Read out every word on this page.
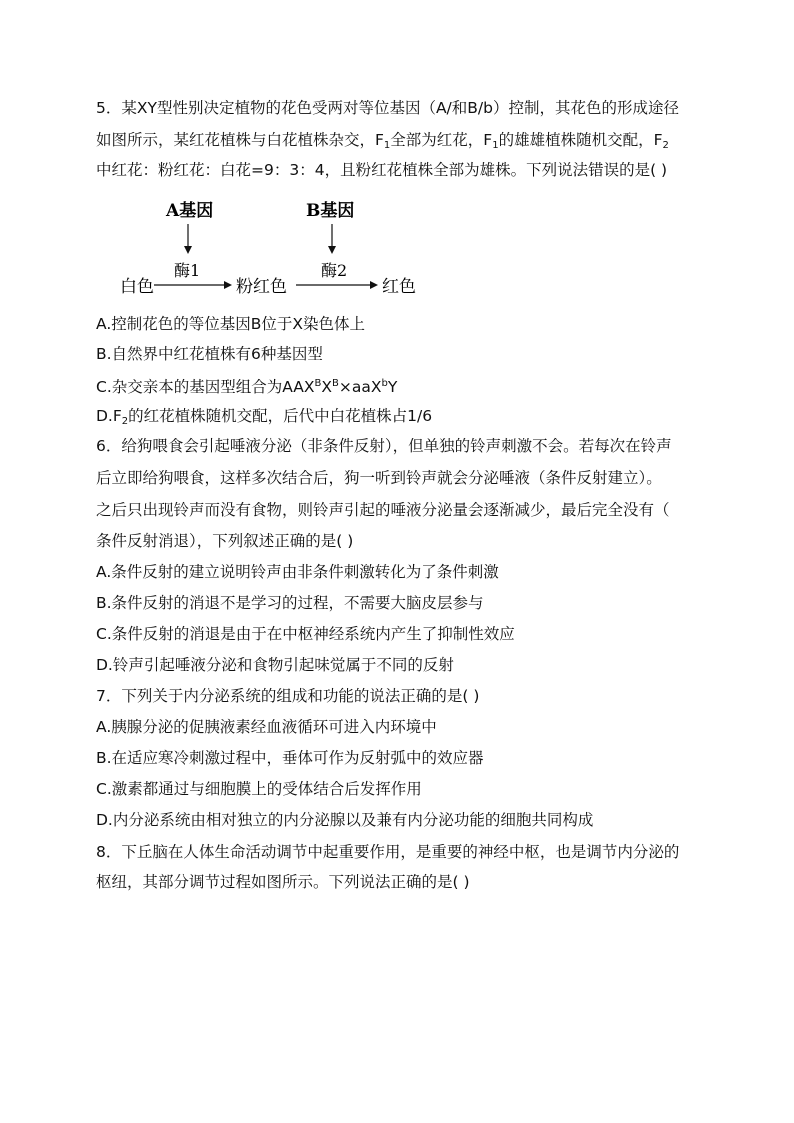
5．某XY型性别决定植物的花色受两对等位基因（A/和B/b）控制，其花色的形成途径
如图所示，某红花植株与白花植株杂交，$F_1$全部为红花，$F_1$的雄雄植株随机交配，$F_2$
中红花：粉红花：白花=9：3：4，且粉红花植株全部为雄株。下列说法错误的是( )
A基因	B基因
酶1	酶2
白色	粉红色	红色
A.控制花色的等位基因B位于X染色体上
B.自然界中红花植株有6种基因型
C.杂交亲本的基因型组合为$AAX^BX^B\times aaX^bY$
$D.F_2$的红花植株随机交配，后代中白花植株占1/6
6．给狗喂食会引起唾液分泌（非条件反射），但单独的铃声刺激不会。若每次在铃声
后立即给狗喂食，这样多次结合后，狗一听到铃声就会分泌唾液（条件反射建立）。
之后只出现铃声而没有食物，则铃声引起的唾液分泌量会逐渐减少，最后完全没有（
条件反射消退），下列叙述正确的是( )
A.条件反射的建立说明铃声由非条件刺激转化为了条件刺激
B.条件反射的消退不是学习的过程，不需要大脑皮层参与
C.条件反射的消退是由于在中枢神经系统内产生了抑制性效应
D.铃声引起唾液分泌和食物引起味觉属于不同的反射
7．下列关于内分泌系统的组成和功能的说法正确的是( )
A.胰腺分泌的促胰液素经血液循环可进入内环境中
B.在适应寒冷刺激过程中，垂体可作为反射弧中的效应器
C.激素都通过与细胞膜上的受体结合后发挥作用
D.内分泌系统由相对独立的内分泌腺以及兼有内分泌功能的细胞共同构成
8．下丘脑在人体生命活动调节中起重要作用，是重要的神经中枢，也是调节内分泌的
枢纽，其部分调节过程如图所示。下列说法正确的是( )
